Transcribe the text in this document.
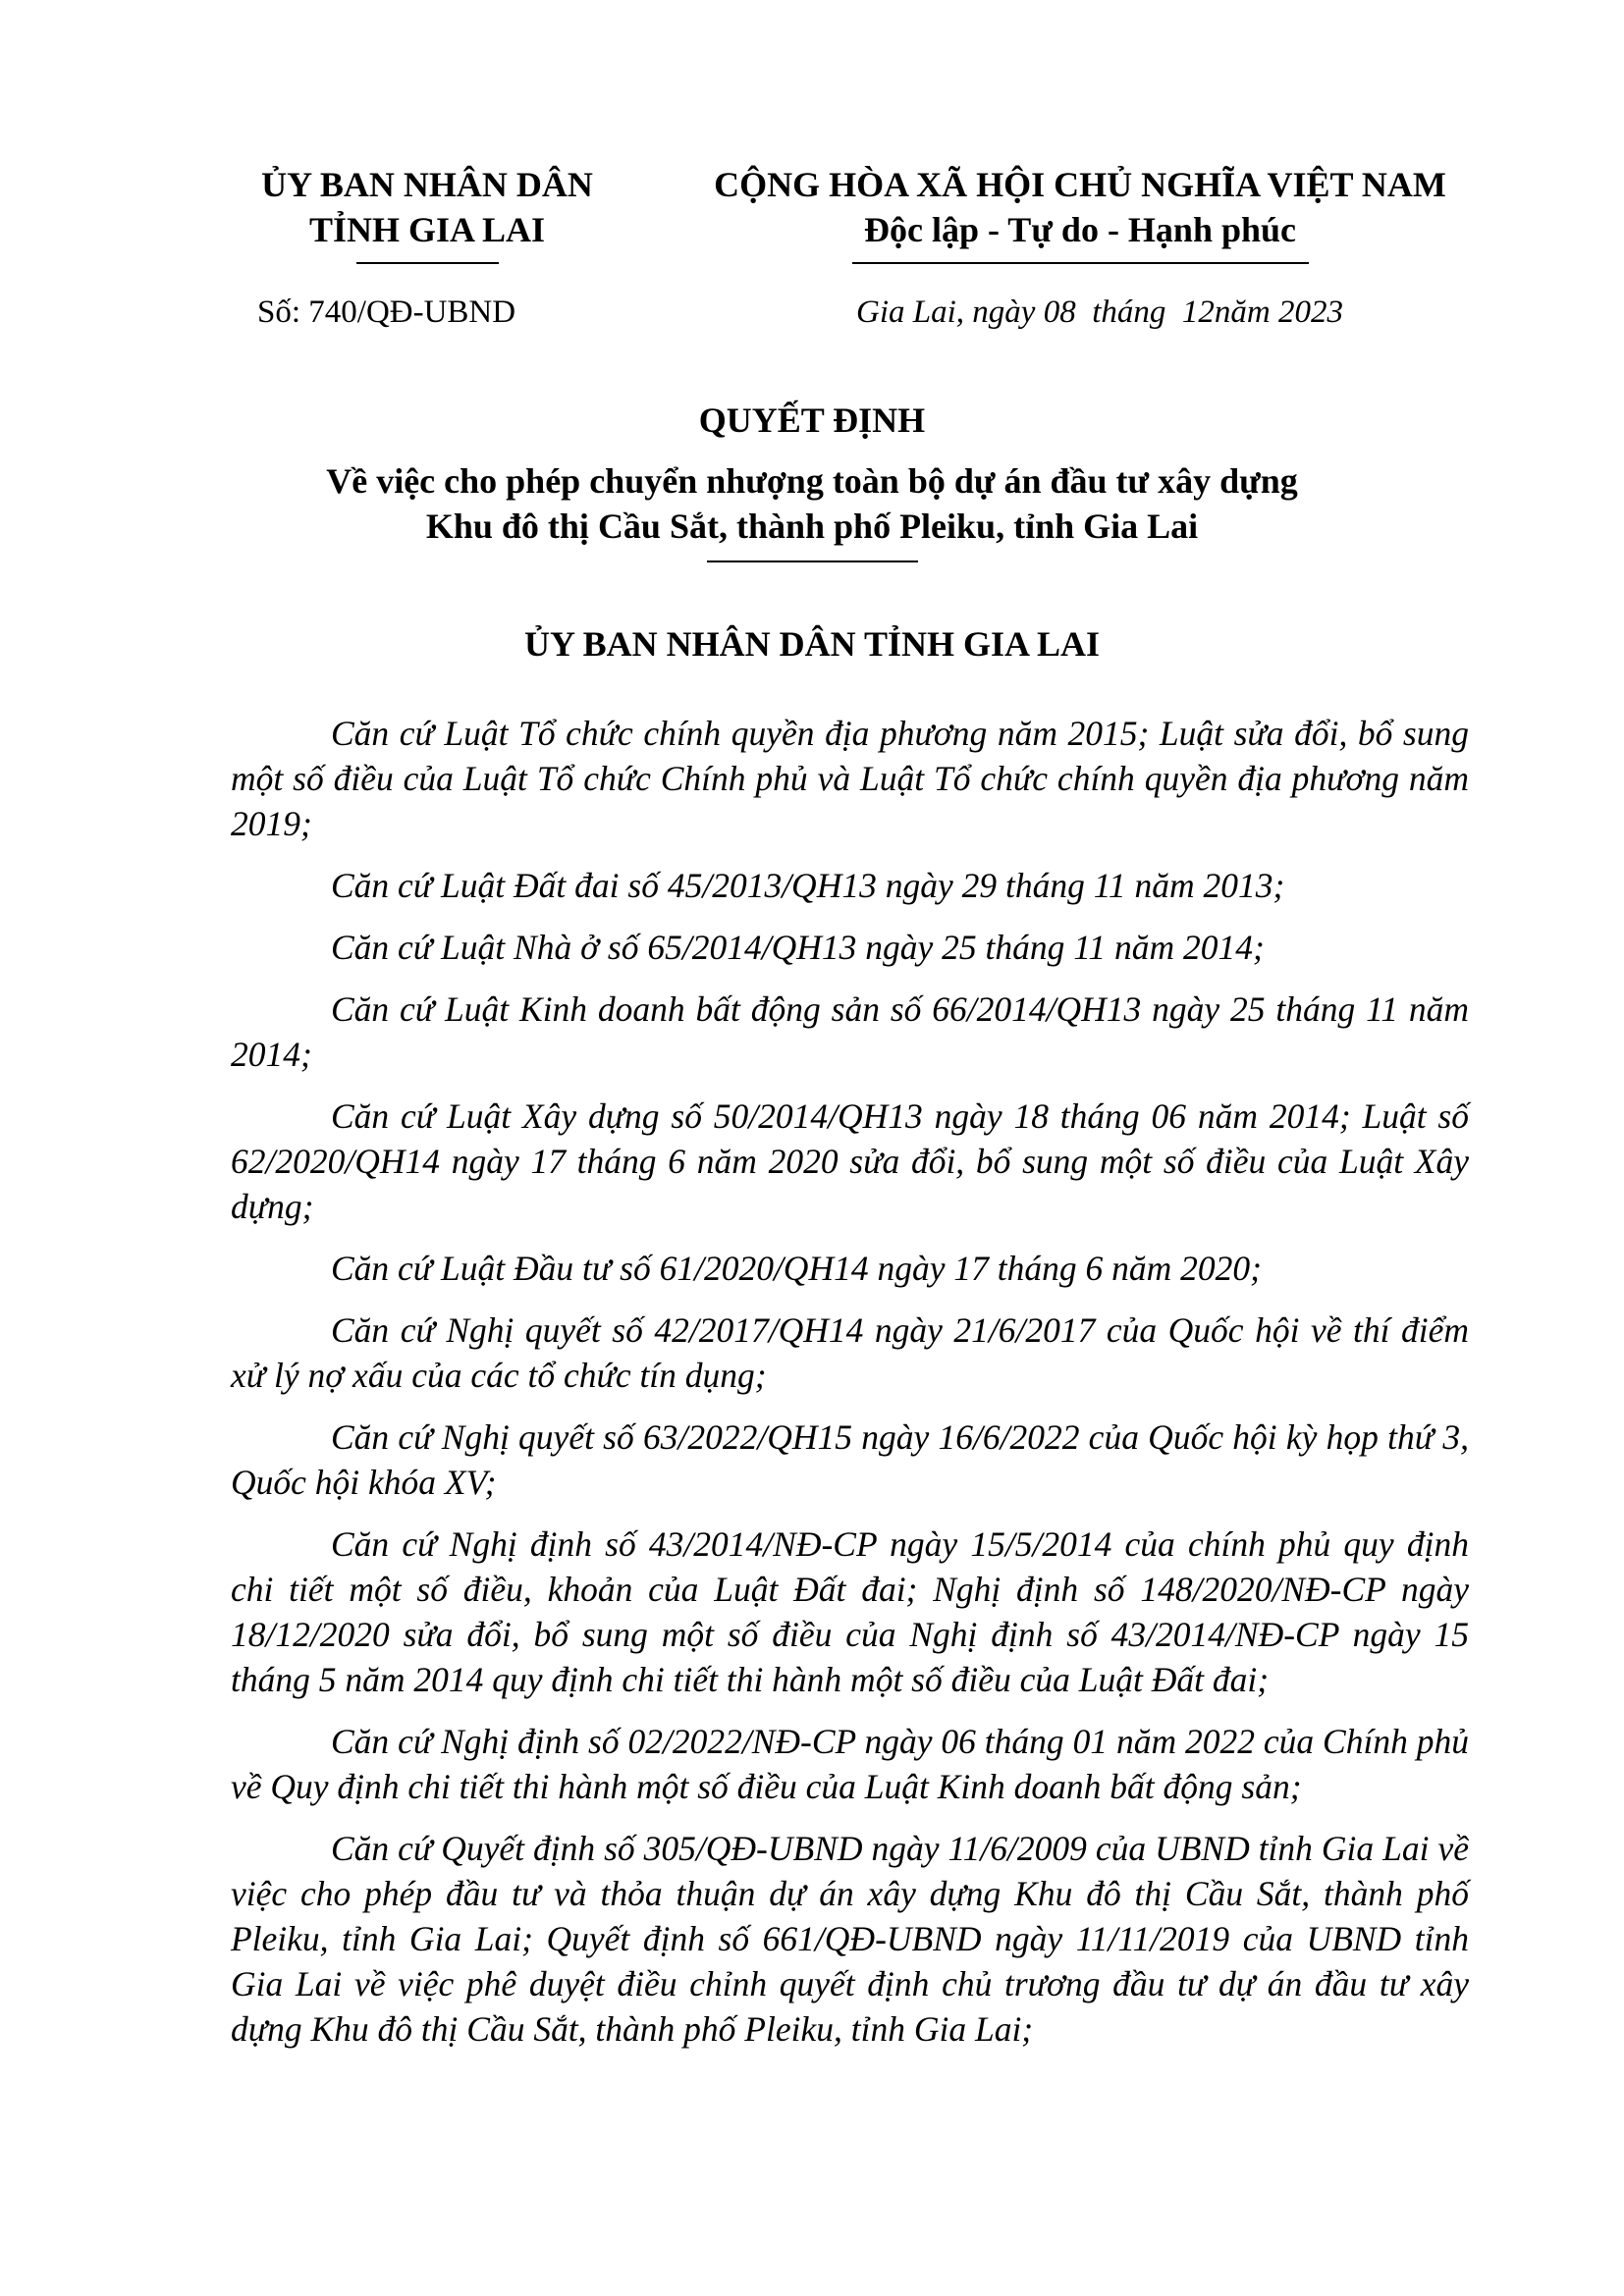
ỦY BAN NHÂN DÂN
TỈNH GIA LAI
CỘNG HÒA XÃ HỘI CHỦ NGHĨA VIỆT NAM
Độc lập - Tự do - Hạnh phúc
Số: 740/QĐ-UBND	Gia Lai, ngày 08  tháng  12năm 2023
QUYẾT ĐỊNH
Về việc cho phép chuyển nhượng toàn bộ dự án đầu tư xây dựng
Khu đô thị Cầu Sắt, thành phố Pleiku, tỉnh Gia Lai
ỦY BAN NHÂN DÂN TỈNH GIA LAI

Căn cứ Luật Tổ chức chính quyền địa phương năm 2015; Luật sửa đổi, bổ sung một số điều của Luật Tổ chức Chính phủ và Luật Tổ chức chính quyền địa phương năm 2019;

Căn cứ Luật Đất đai số 45/2013/QH13 ngày 29 tháng 11 năm 2013;

Căn cứ Luật Nhà ở số 65/2014/QH13 ngày 25 tháng 11 năm 2014;

Căn cứ Luật Kinh doanh bất động sản số 66/2014/QH13 ngày 25 tháng 11 năm 2014;

Căn cứ Luật Xây dựng số 50/2014/QH13 ngày 18 tháng 06 năm 2014; Luật số 62/2020/QH14 ngày 17 tháng 6 năm 2020 sửa đổi, bổ sung một số điều của Luật Xây dựng;

Căn cứ Luật Đầu tư số 61/2020/QH14 ngày 17 tháng 6 năm 2020;

Căn cứ Nghị quyết số 42/2017/QH14 ngày 21/6/2017 của Quốc hội về thí điểm xử lý nợ xấu của các tổ chức tín dụng;

Căn cứ Nghị quyết số 63/2022/QH15 ngày 16/6/2022 của Quốc hội kỳ họp thứ 3, Quốc hội khóa XV;

Căn cứ Nghị định số 43/2014/NĐ-CP ngày 15/5/2014 của chính phủ quy định chi tiết một số điều, khoản của Luật Đất đai; Nghị định số 148/2020/NĐ-CP ngày 18/12/2020 sửa đổi, bổ sung một số điều của Nghị định số 43/2014/NĐ-CP ngày 15 tháng 5 năm 2014 quy định chi tiết thi hành một số điều của Luật Đất đai;

Căn cứ Nghị định số 02/2022/NĐ-CP ngày 06 tháng 01 năm 2022 của Chính phủ về Quy định chi tiết thi hành một số điều của Luật Kinh doanh bất động sản;

Căn cứ Quyết định số 305/QĐ-UBND ngày 11/6/2009 của UBND tỉnh Gia Lai về việc cho phép đầu tư và thỏa thuận dự án xây dựng Khu đô thị Cầu Sắt, thành phố Pleiku, tỉnh Gia Lai; Quyết định số 661/QĐ-UBND ngày 11/11/2019 của UBND tỉnh Gia Lai về việc phê duyệt điều chỉnh quyết định chủ trương đầu tư dự án đầu tư xây dựng Khu đô thị Cầu Sắt, thành phố Pleiku, tỉnh Gia Lai;
